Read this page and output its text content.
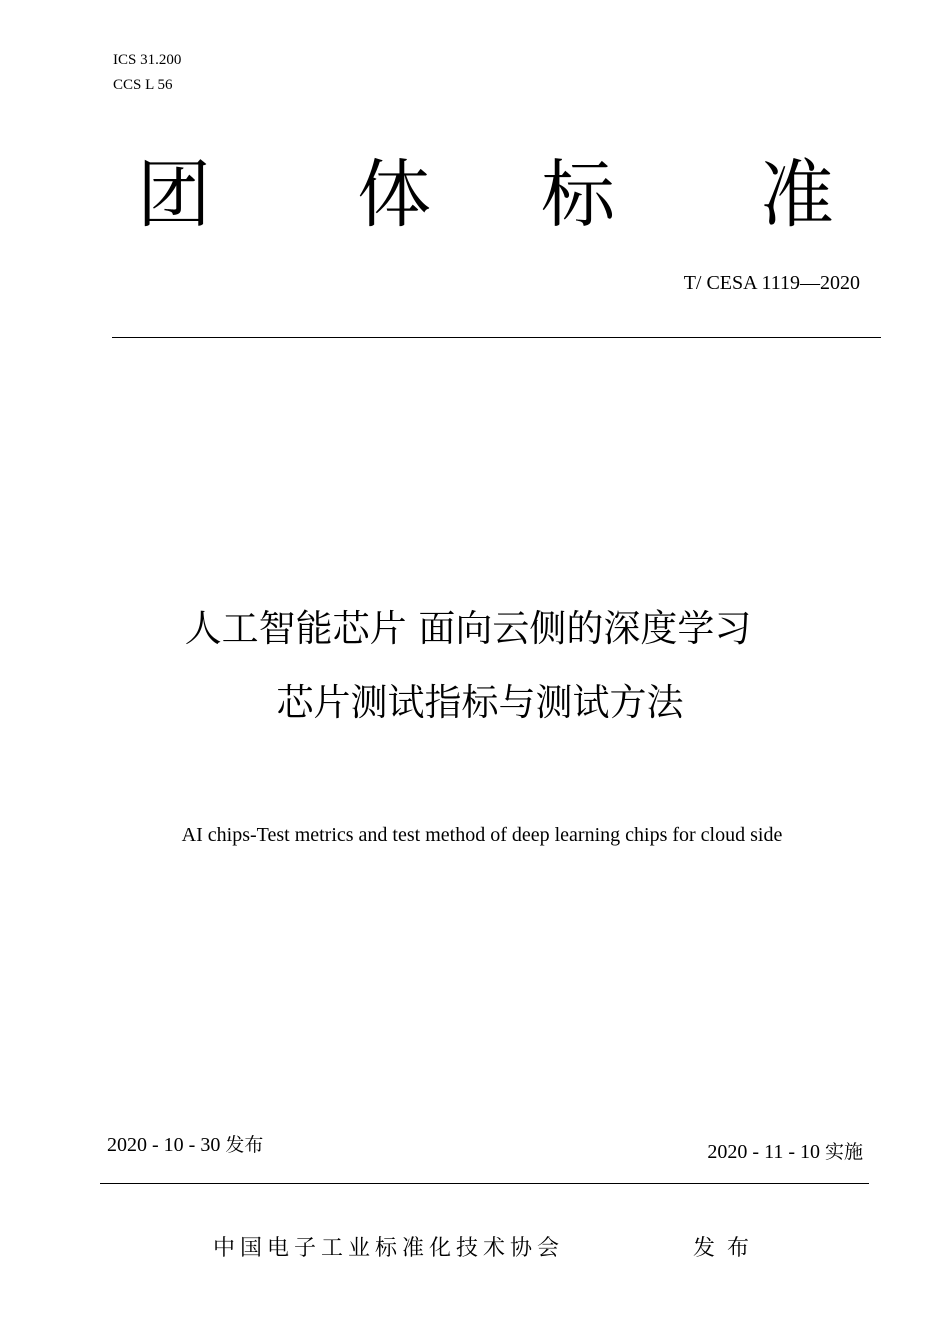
ICS 31.200
CCS L 56
团 体 标 准
T/ CESA 1119—2020
人工智能芯片 面向云侧的深度学习
芯片测试指标与测试方法
AI chips-Test metrics and test method of deep learning chips for cloud side
2020 - 10 - 30 发布	2020 - 11 - 10 实施
中国电子工业标准化技术协会	发布
